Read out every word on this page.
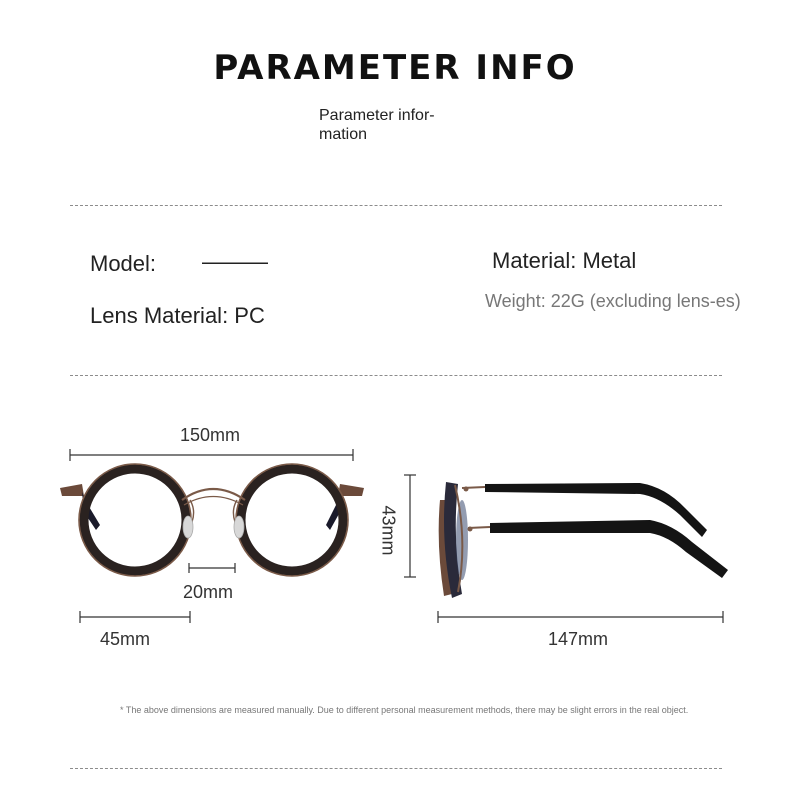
PARAMETER INFO
Parameter infor-mation
Model: ———	Material: Metal
Lens Material: PC
Weight: 22G (excluding lens-es)
150mm
20mm
45mm
43mm
147mm
* The above dimensions are measured manually. Due to different personal measurement methods, there may be slight errors in the real object.
